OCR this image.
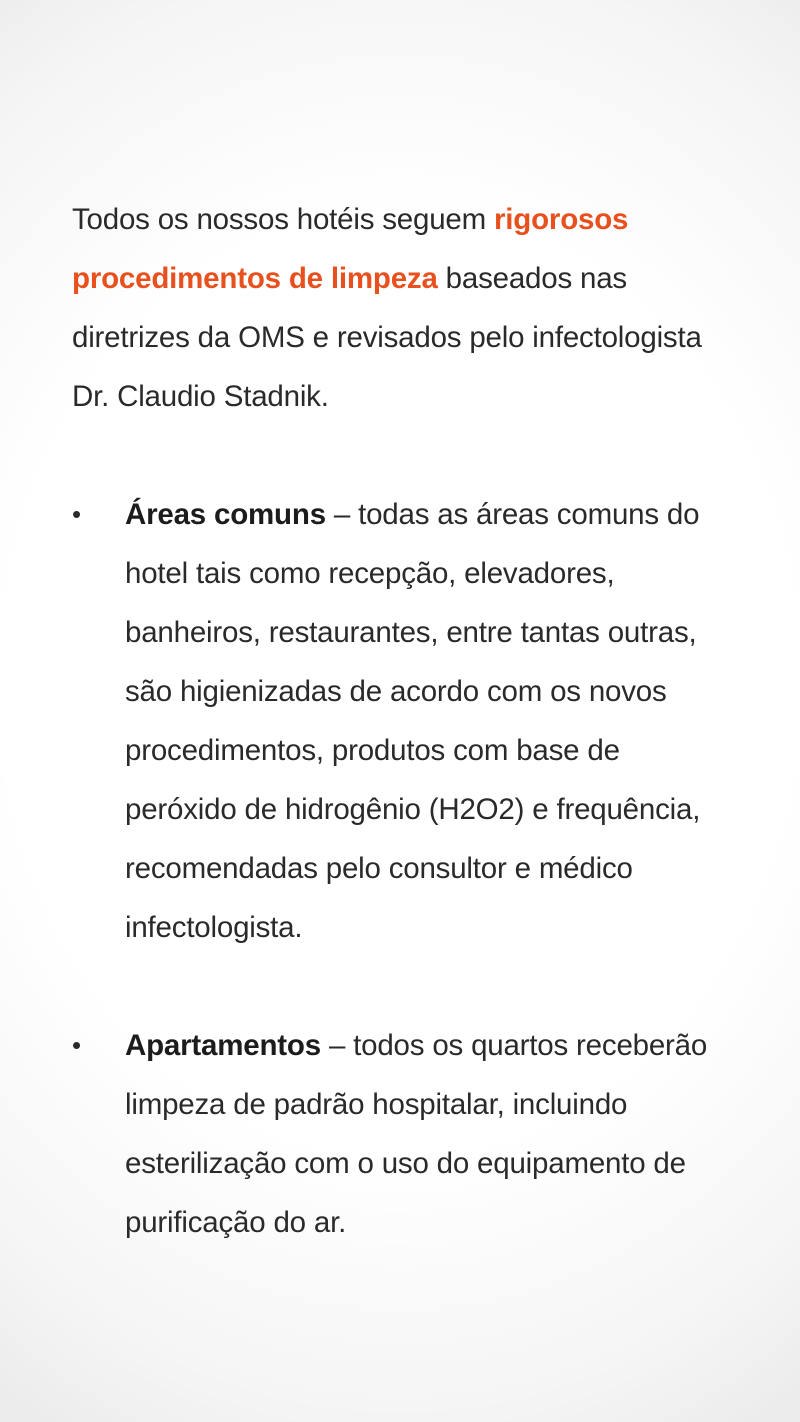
Todos os nossos hotéis seguem rigorosos procedimentos de limpeza baseados nas diretrizes da OMS e revisados pelo infectologista Dr. Claudio Stadnik.

• Áreas comuns – todas as áreas comuns do hotel tais como recepção, elevadores, banheiros, restaurantes, entre tantas outras, são higienizadas de acordo com os novos procedimentos, produtos com base de peróxido de hidrogênio (H2O2) e frequência, recomendadas pelo consultor e médico infectologista.
• Apartamentos – todos os quartos receberão limpeza de padrão hospitalar, incluindo esterilização com o uso do equipamento de purificação do ar.
